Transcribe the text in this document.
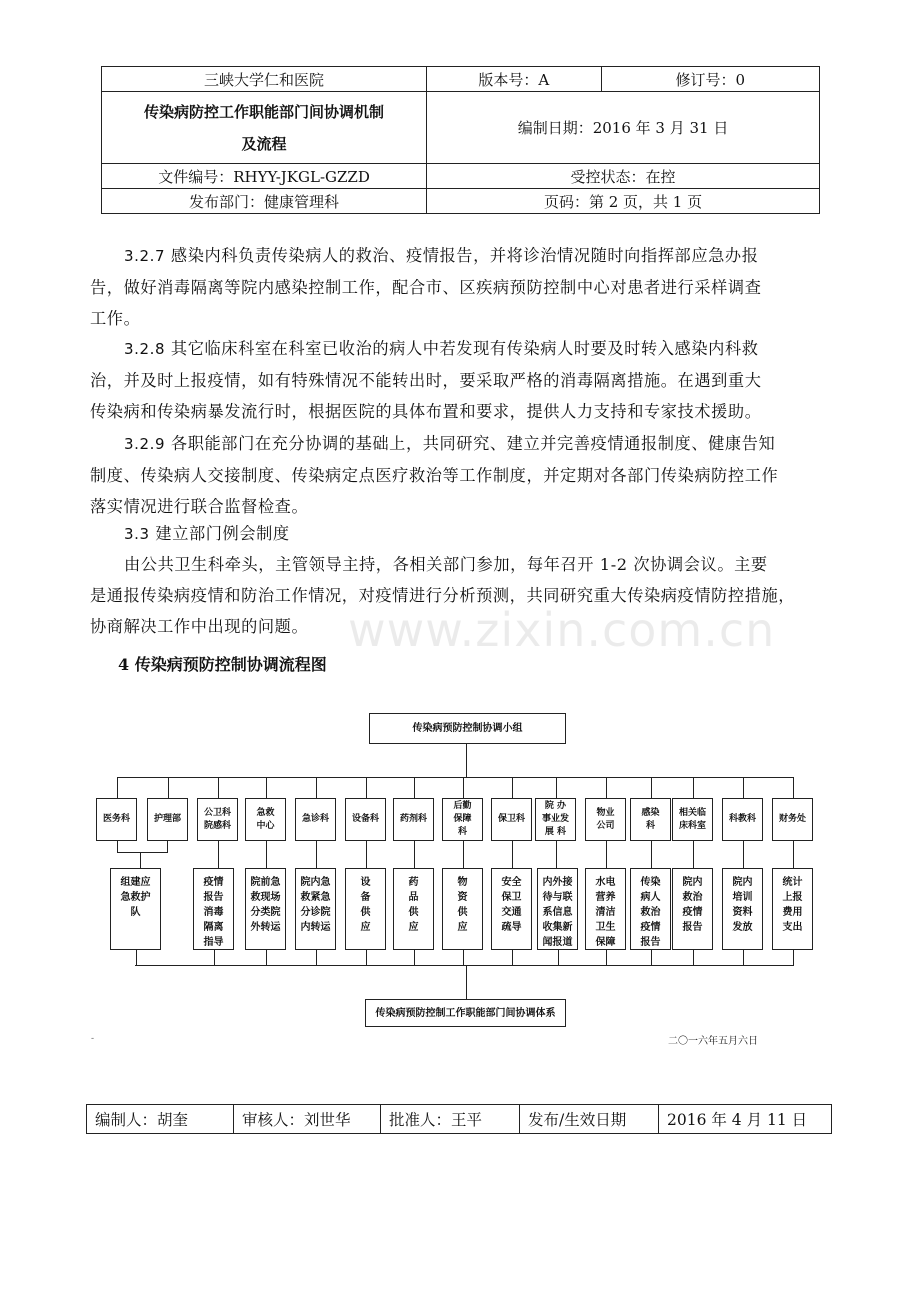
三峡大学仁和医院	版本号：A	修订号：0

传染病防控工作职能部门间协调机制
及流程	编制日期：2016 年 3 月 31 日	
文件编号：RHYY-JKGL-GZZD	受控状态：在控	
发布部门：健康管理科	页码：第 2 页，共 1 页	
3.2.7 感染内科负责传染病人的救治、疫情报告，并将诊治情况随时向指挥部应急办报
告，做好消毒隔离等院内感染控制工作，配合市、区疾病预防控制中心对患者进行采样调查
工作。
3.2.8 其它临床科室在科室已收治的病人中若发现有传染病人时要及时转入感染内科救
治，并及时上报疫情，如有特殊情况不能转出时，要采取严格的消毒隔离措施。在遇到重大
传染病和传染病暴发流行时，根据医院的具体布置和要求，提供人力支持和专家技术援助。
3.2.9 各职能部门在充分协调的基础上，共同研究、建立并完善疫情通报制度、健康告知
制度、传染病人交接制度、传染病定点医疗救治等工作制度，并定期对各部门传染病防控工作
落实情况进行联合监督检查。
3.3 建立部门例会制度
由公共卫生科牵头，主管领导主持，各相关部门参加，每年召开 1-2 次协调会议。主要
是通报传染病疫情和防治工作情况，对疫情进行分析预测，共同研究重大传染病疫情防控措施，
协商解决工作中出现的问题。 www.zixin.com.cn
4 传染病预防控制协调流程图
-	二〇一六年五月六日
编制人：胡奎	审核人：刘世华	批准人：王平	发布/生效日期	2016 年 4 月 11 日
传染病预防控制协调小组
医务科	护理部
公卫科
院感科
急救
中心
急诊科	设备科	药剂科
后勤
保障
科
保卫科
院 办
事业发
展 科
物业
公司
感染
科
相关临
床科室
科教科	财务处
组建应
急救护
队
疫情
报告
消毒
隔离
指导
院前急
救现场
分类院
外转运
院内急
救紧急
分诊院
内转运
设
备
供
应
药
品
供
应
物
资
供
应
安全
保卫
交通
疏导
内外接
待与联
系信息
收集新
闻报道
水电
营养
清洁
卫生
保障
传染
病人
救治
疫情
报告
院内
救治
疫情
报告
院内
培训
资料
发放
统计
上报
费用
支出
传染病预防控制工作职能部门间协调体系
